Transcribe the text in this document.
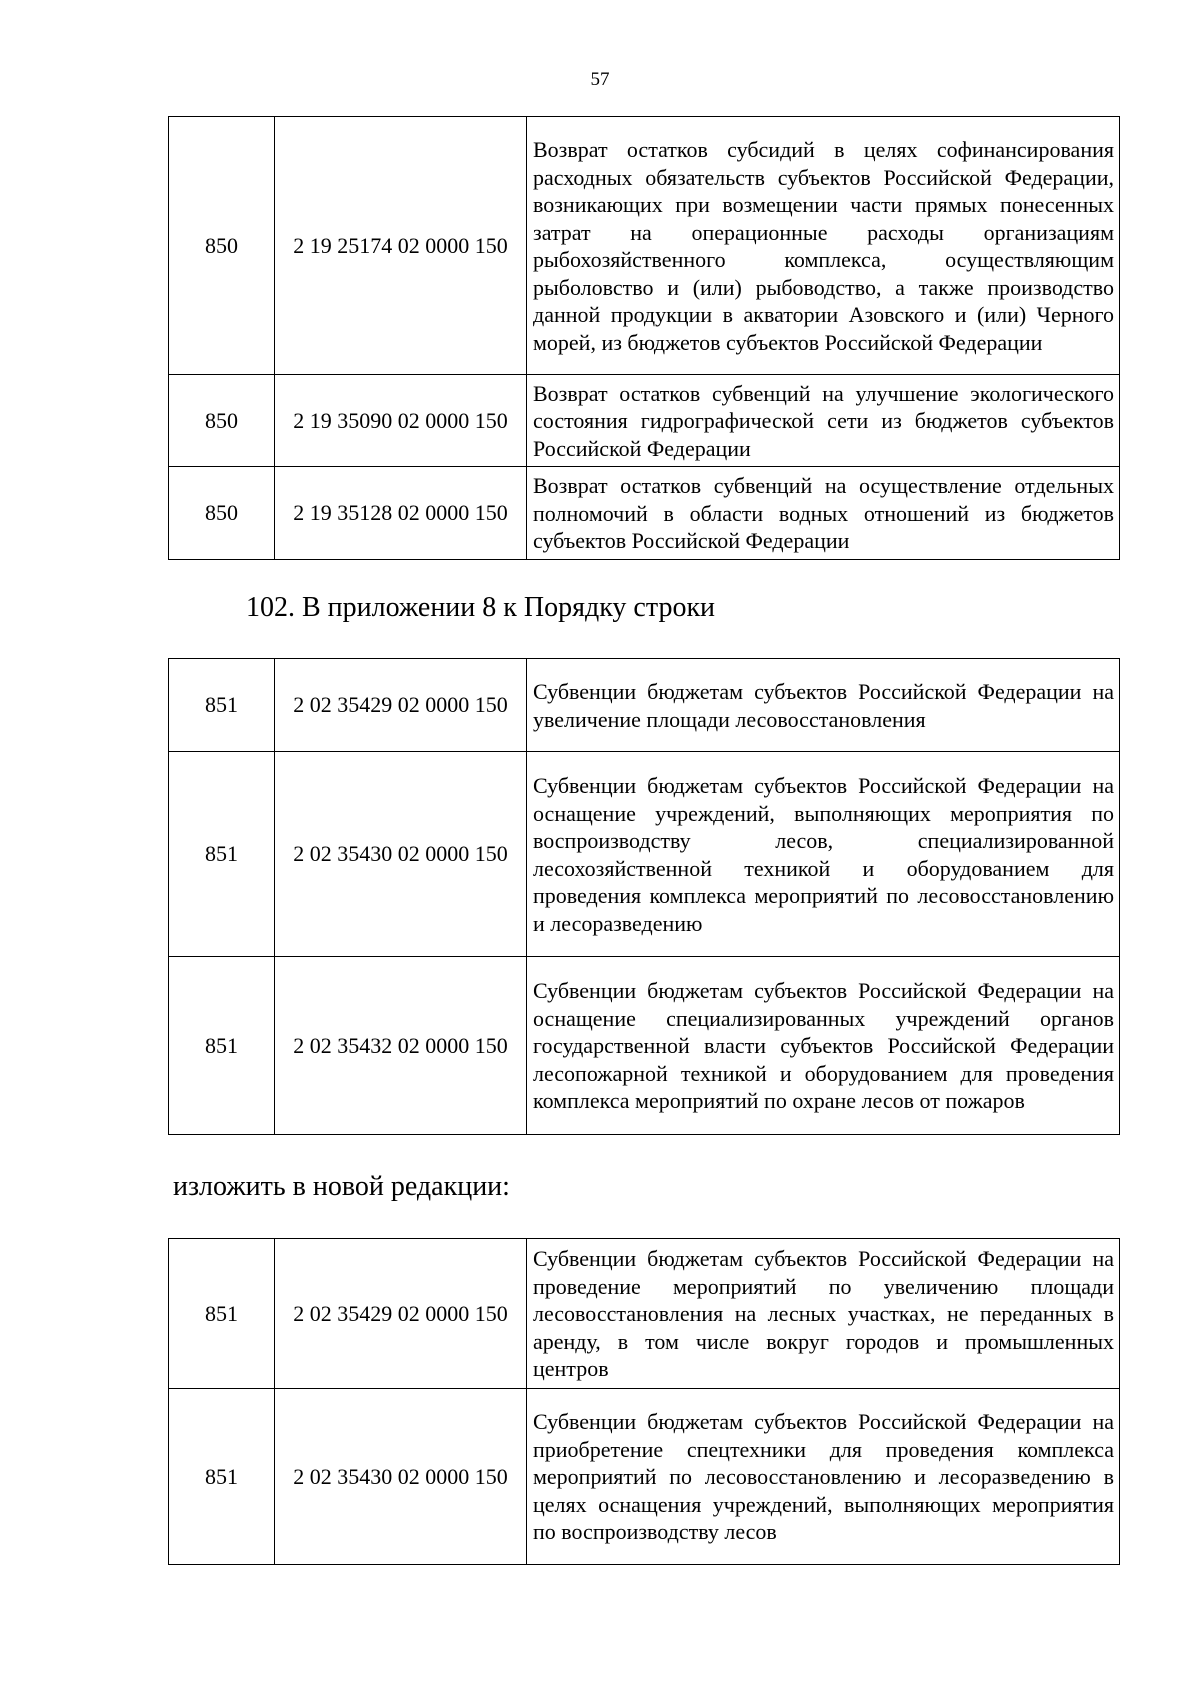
57
850	2 19 25174 02 0000 150	Возврат остатков субсидий в целях софинансирования расходных обязательств субъектов Российской Федерации, возникающих при возмещении части прямых понесенных затрат на операционные расходы организациям рыбохозяйственного комплекса, осуществляющим рыболовство и (или) рыбоводство, а также производство данной продукции в акватории Азовского и (или) Черного морей, из бюджетов субъектов Российской Федерации
850	2 19 35090 02 0000 150	Возврат остатков субвенций на улучшение экологического состояния гидрографической сети из бюджетов субъектов Российской Федерации
850	2 19 35128 02 0000 150	Возврат остатков субвенций на осуществление отдельных полномочий в области водных отношений из бюджетов субъектов Российской Федерации
102. В приложении 8 к Порядку строки
851	2 02 35429 02 0000 150	Субвенции бюджетам субъектов Российской Федерации на увеличение площади лесовосстановления
851	2 02 35430 02 0000 150	Субвенции бюджетам субъектов Российской Федерации на оснащение учреждений, выполняющих мероприятия по воспроизводству лесов, специализированной лесохозяйственной техникой и оборудованием для проведения комплекса мероприятий по лесовосстановлению и лесоразведению
851	2 02 35432 02 0000 150	Субвенции бюджетам субъектов Российской Федерации на оснащение специализированных учреждений органов государственной власти субъектов Российской Федерации лесопожарной техникой и оборудованием для проведения комплекса мероприятий по охране лесов от пожаров
изложить в новой редакции:
851	2 02 35429 02 0000 150	Субвенции бюджетам субъектов Российской Федерации на проведение мероприятий по увеличению площади лесовосстановления на лесных участках, не переданных в аренду, в том числе вокруг городов и промышленных центров
851	2 02 35430 02 0000 150	Субвенции бюджетам субъектов Российской Федерации на приобретение спецтехники для проведения комплекса мероприятий по лесовосстановлению и лесоразведению в целях оснащения учреждений, выполняющих мероприятия по воспроизводству лесов
